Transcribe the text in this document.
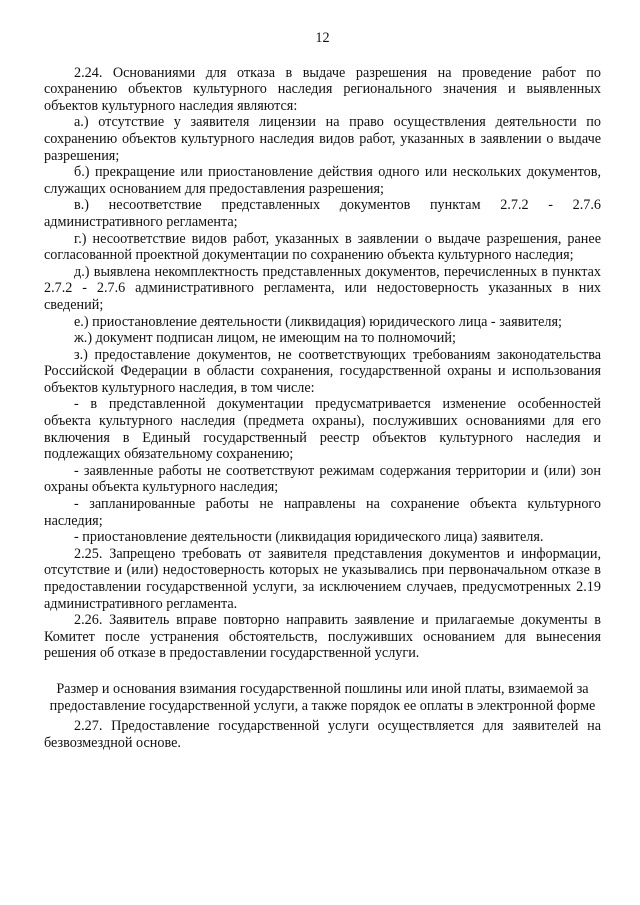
12

2.24. Основаниями для отказа в выдаче разрешения на проведение работ по сохранению объектов культурного наследия регионального значения и выявленных объектов культурного наследия являются:

а.) отсутствие у заявителя лицензии на право осуществления деятельности по сохранению объектов культурного наследия видов работ, указанных в заявлении о выдаче разрешения;

б.) прекращение или приостановление действия одного или нескольких документов, служащих основанием для предоставления разрешения;

в.) несоответствие представленных документов пунктам 2.7.2 - 2.7.6 административного регламента;

г.) несоответствие видов работ, указанных в заявлении о выдаче разрешения, ранее согласованной проектной документации по сохранению объекта культурного наследия;

д.) выявлена некомплектность представленных документов, перечисленных в пунктах 2.7.2 - 2.7.6 административного регламента, или недостоверность указанных в них сведений;

е.) приостановление деятельности (ликвидация) юридического лица - заявителя;

ж.) документ подписан лицом, не имеющим на то полномочий;

з.) предоставление документов, не соответствующих требованиям законодательства Российской Федерации в области сохранения, государственной охраны и использования объектов культурного наследия, в том числе:

- в представленной документации предусматривается изменение особенностей объекта культурного наследия (предмета охраны), послуживших основаниями для его включения в Единый государственный реестр объектов культурного наследия и подлежащих обязательному сохранению;

- заявленные работы не соответствуют режимам содержания территории и (или) зон охраны объекта культурного наследия;

- запланированные работы не направлены на сохранение объекта культурного наследия;

- приостановление деятельности (ликвидация юридического лица) заявителя.

2.25. Запрещено требовать от заявителя представления документов и информации, отсутствие и (или) недостоверность которых не указывались при первоначальном отказе в предоставлении государственной услуги, за исключением случаев, предусмотренных 2.19 административного регламента.

2.26. Заявитель вправе повторно направить заявление и прилагаемые документы в Комитет после устранения обстоятельств, послуживших основанием для вынесения решения об отказе в предоставлении государственной услуги.

Размер и основания взимания государственной пошлины или иной платы, взимаемой за предоставление государственной услуги, а также порядок ее оплаты в электронной форме

2.27. Предоставление государственной услуги осуществляется для заявителей на безвозмездной основе.
